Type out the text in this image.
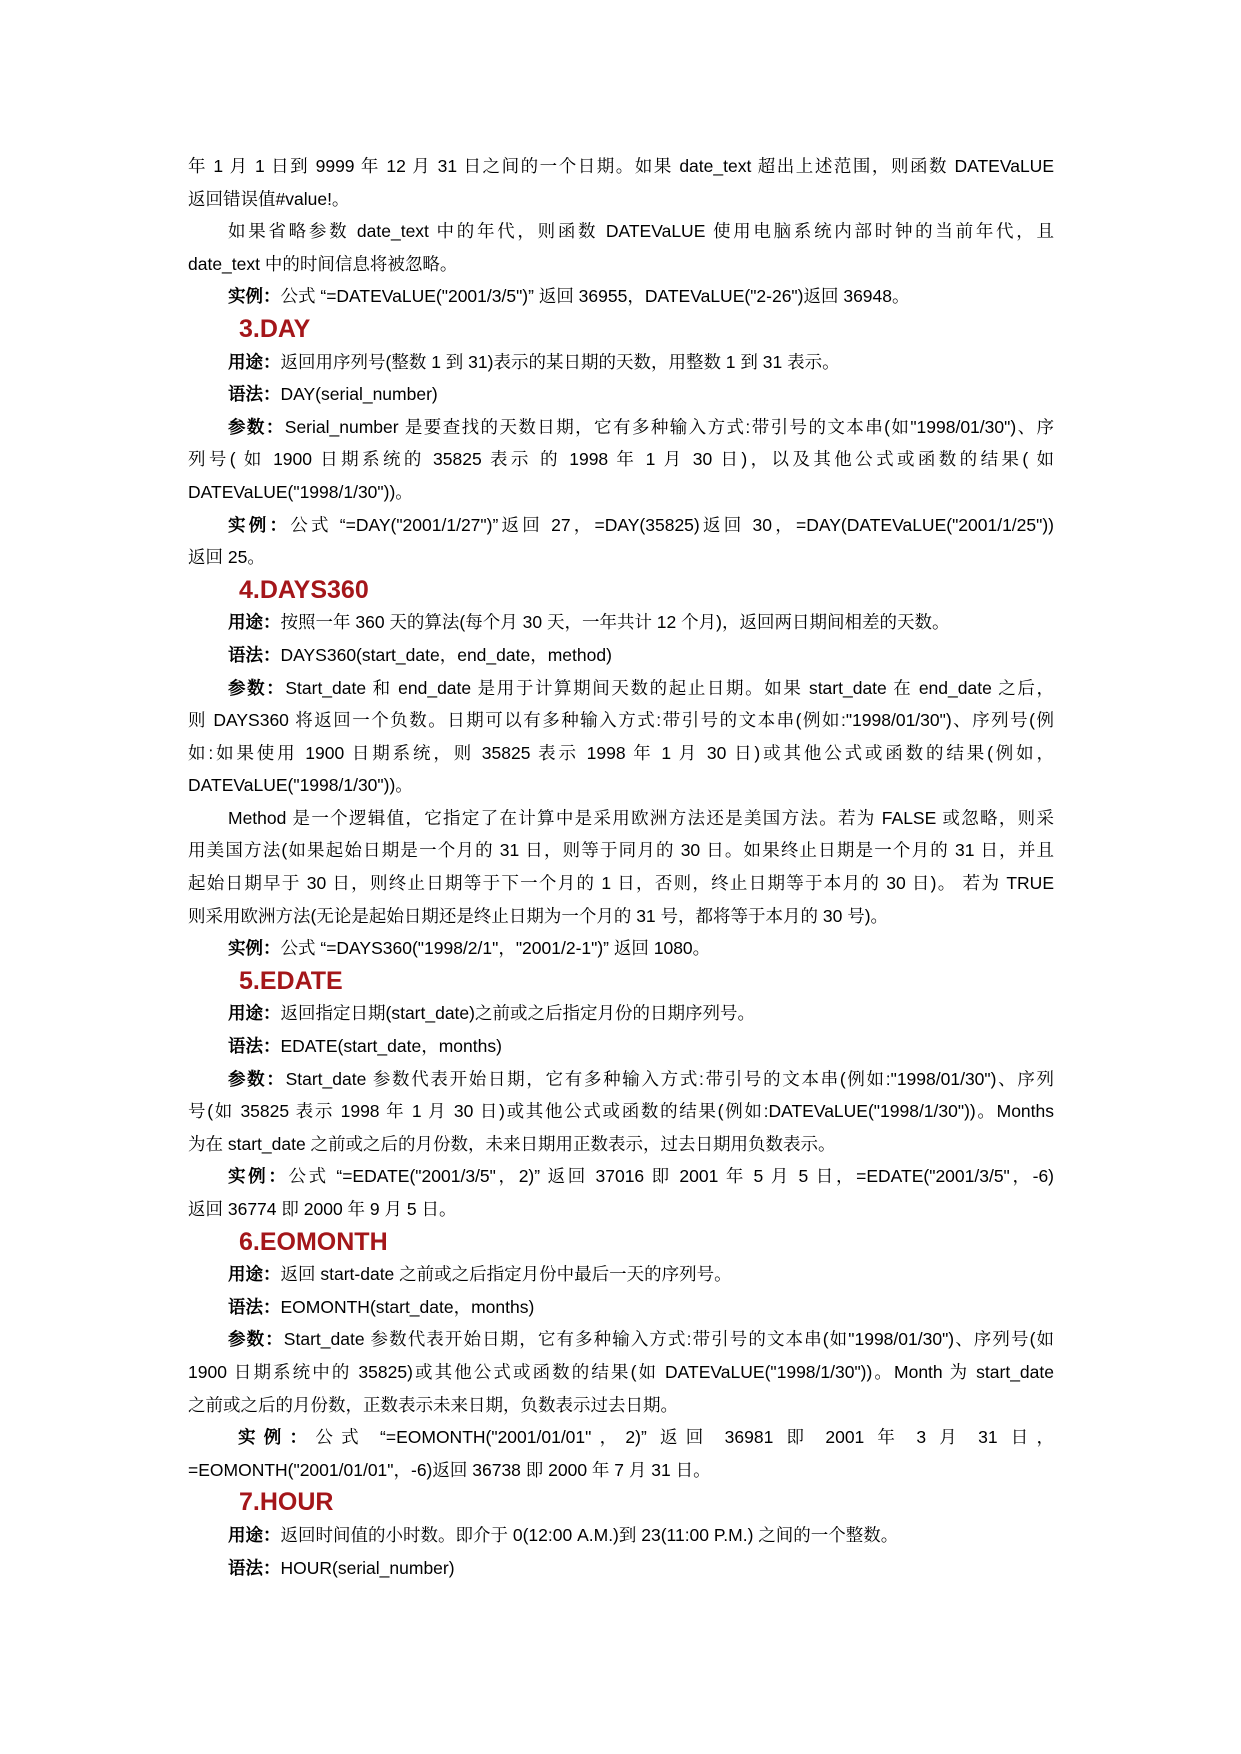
年 1 月 1 日到 9999 年 12 月 31 日之间的一个日期。如果 date_text 超出上述范围，则函数 DATEVaLUE
返回错误值#value!。
如果省略参数 date_text 中的年代，则函数 DATEVaLUE 使用电脑系统内部时钟的当前年代，且
date_text 中的时间信息将被忽略。
实例：公式 “=DATEVaLUE("2001/3/5")” 返回 36955，DATEVaLUE("2-26")返回 36948。
3.DAY
用途：返回用序列号(整数 1 到 31)表示的某日期的天数，用整数 1 到 31 表示。
语法：DAY(serial_number)
参数：Serial_number 是要查找的天数日期，它有多种输入方式:带引号的文本串(如"1998/01/30")、序
列号( 如 1900 日期系统的 35825 表示 的 1998 年 1 月 30 日)，以及其他公式或函数的结果( 如
DATEVaLUE("1998/1/30"))。
实例：公式 “=DAY("2001/1/27")”返回 27，=DAY(35825)返回 30，=DAY(DATEVaLUE("2001/1/25"))
返回 25。
4.DAYS360
用途：按照一年 360 天的算法(每个月 30 天，一年共计 12 个月)，返回两日期间相差的天数。
语法：DAYS360(start_date，end_date，method)
参数：Start_date 和 end_date 是用于计算期间天数的起止日期。如果 start_date 在 end_date 之后，
则 DAYS360 将返回一个负数。日期可以有多种输入方式:带引号的文本串(例如:"1998/01/30")、序列号(例
如:如果使用 1900 日期系统，则 35825 表示 1998 年 1 月 30 日)或其他公式或函数的结果(例如，
DATEVaLUE("1998/1/30"))。
Method 是一个逻辑值，它指定了在计算中是采用欧洲方法还是美国方法。若为 FALSE 或忽略，则采
用美国方法(如果起始日期是一个月的 31 日，则等于同月的 30 日。如果终止日期是一个月的 31 日，并且
起始日期早于 30 日，则终止日期等于下一个月的 1 日，否则，终止日期等于本月的 30 日)。 若为 TRUE
则采用欧洲方法(无论是起始日期还是终止日期为一个月的 31 号，都将等于本月的 30 号)。
实例：公式 “=DAYS360("1998/2/1"，"2001/2-1")” 返回 1080。
5.EDATE
用途：返回指定日期(start_date)之前或之后指定月份的日期序列号。
语法：EDATE(start_date，months)
参数：Start_date 参数代表开始日期，它有多种输入方式:带引号的文本串(例如:"1998/01/30")、序列
号(如 35825 表示 1998 年 1 月 30 日)或其他公式或函数的结果(例如:DATEVaLUE("1998/1/30"))。Months
为在 start_date 之前或之后的月份数，未来日期用正数表示，过去日期用负数表示。
实例：公式 “=EDATE("2001/3/5"，2)” 返回 37016 即 2001 年 5 月 5 日，=EDATE("2001/3/5"，-6)
返回 36774 即 2000 年 9 月 5 日。
6.EOMONTH
用途：返回 start-date 之前或之后指定月份中最后一天的序列号。
语法：EOMONTH(start_date，months)
参数：Start_date 参数代表开始日期，它有多种输入方式:带引号的文本串(如"1998/01/30")、序列号(如
1900 日期系统中的 35825)或其他公式或函数的结果(如 DATEVaLUE("1998/1/30"))。Month 为 start_date
之前或之后的月份数，正数表示未来日期，负数表示过去日期。
实例：公式 “=EOMONTH("2001/01/01"，2)” 返回 36981 即 2001 年 3 月 31 日，
=EOMONTH("2001/01/01"，-6)返回 36738 即 2000 年 7 月 31 日。
7.HOUR
用途：返回时间值的小时数。即介于 0(12:00 A.M.)到 23(11:00 P.M.) 之间的一个整数。
语法：HOUR(serial_number)
